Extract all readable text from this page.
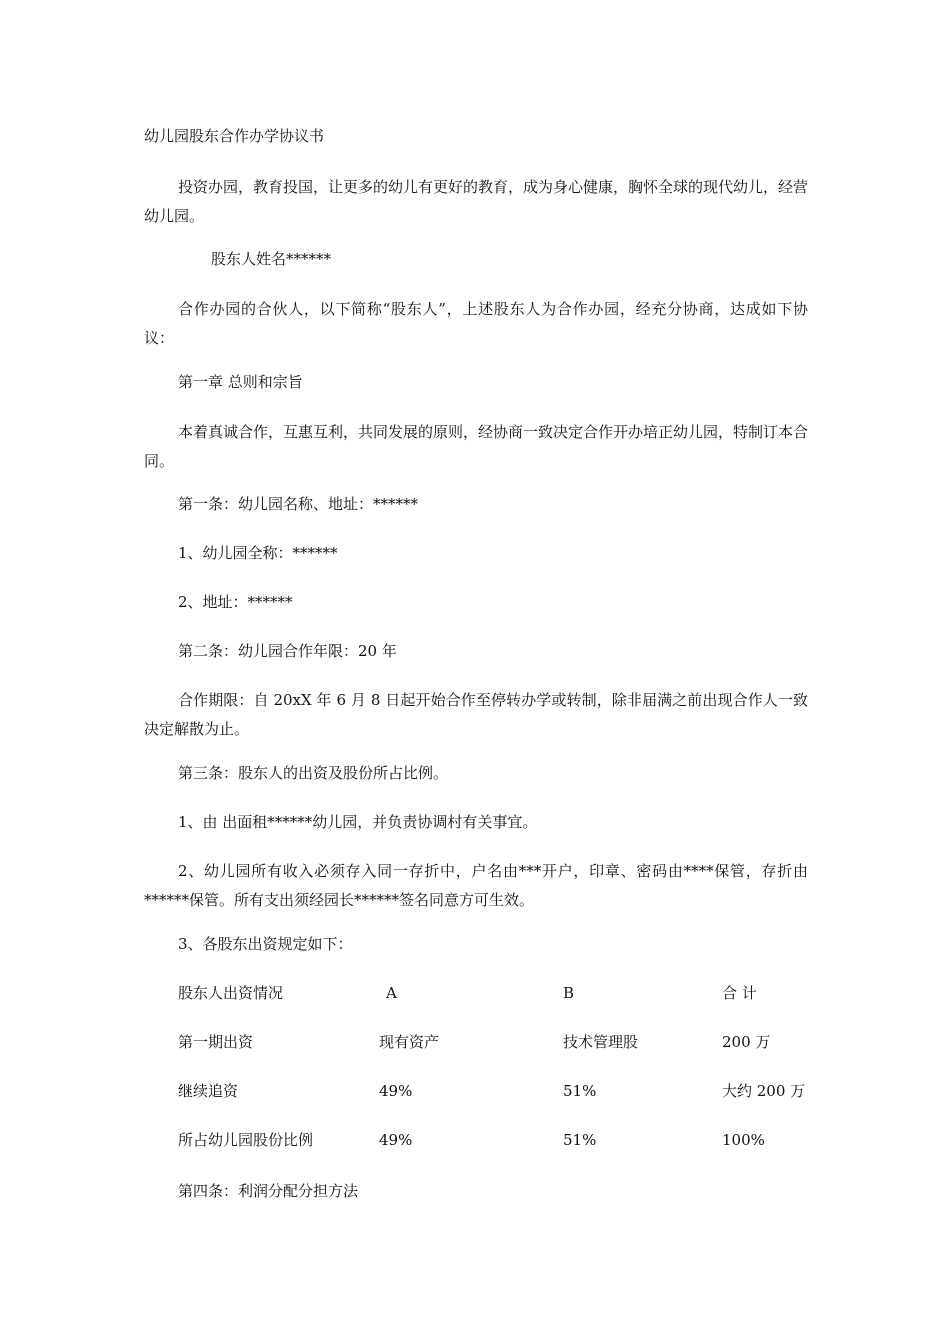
幼儿园股东合作办学协议书
投资办园，教育投国，让更多的幼儿有更好的教育，成为身心健康，胸怀全球的现代幼儿，经营幼儿园。
股东人姓名******
合作办园的合伙人，以下简称“股东人”，上述股东人为合作办园，经充分协商，达成如下协议：
第一章 总则和宗旨
本着真诚合作，互惠互利，共同发展的原则，经协商一致决定合作开办培正幼儿园，特制订本合同。
第一条：幼儿园名称、地址：******
1、幼儿园全称：******
2、地址：******
第二条：幼儿园合作年限：20 年
合作期限：自 20xX 年 6 月 8 日起开始合作至停转办学或转制，除非届满之前出现合作人一致决定解散为止。
第三条：股东人的出资及股份所占比例。
1、由 出面租******幼儿园，并负责协调村有关事宜。
2、幼儿园所有收入必须存入同一存折中，户名由***开户，印章、密码由****保管，存折由******保管。所有支出须经园长******签名同意方可生效。
3、各股东出资规定如下：
股东人出资情况	A	B	合 计
第一期出资	现有资产	技术管理股	200 万
继续追资	49%	51%	大约 200 万
所占幼儿园股份比例	49%	51%	100%
第四条：利润分配分担方法
